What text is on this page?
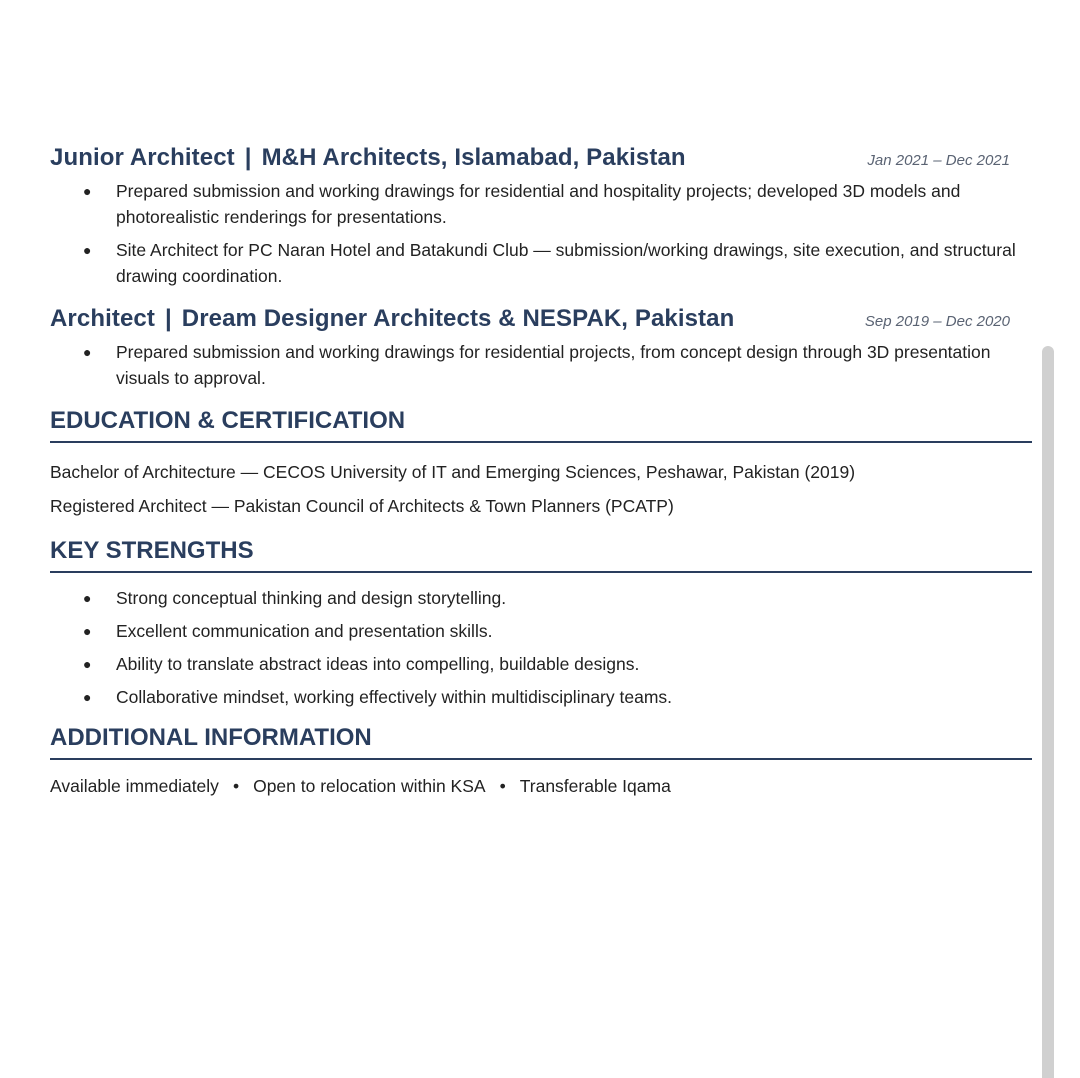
Junior Architect | M&H Architects, Islamabad, Pakistan	Jan 2021 – Dec 2021
● Prepared submission and working drawings for residential and hospitality projects; developed 3D models and photorealistic renderings for presentations.
● Site Architect for PC Naran Hotel and Batakundi Club — submission/working drawings, site execution, and structural drawing coordination.
Architect | Dream Designer Architects & NESPAK, Pakistan	Sep 2019 – Dec 2020
● Prepared submission and working drawings for residential projects, from concept design through 3D presentation visuals to approval.
EDUCATION & CERTIFICATION
Bachelor of Architecture — CECOS University of IT and Emerging Sciences, Peshawar, Pakistan (2019)
Registered Architect — Pakistan Council of Architects & Town Planners (PCATP)
KEY STRENGTHS
● Strong conceptual thinking and design storytelling.
● Excellent communication and presentation skills.
● Ability to translate abstract ideas into compelling, buildable designs.
● Collaborative mindset, working effectively within multidisciplinary teams.
ADDITIONAL INFORMATION
Available immediately • Open to relocation within KSA • Transferable Iqama
